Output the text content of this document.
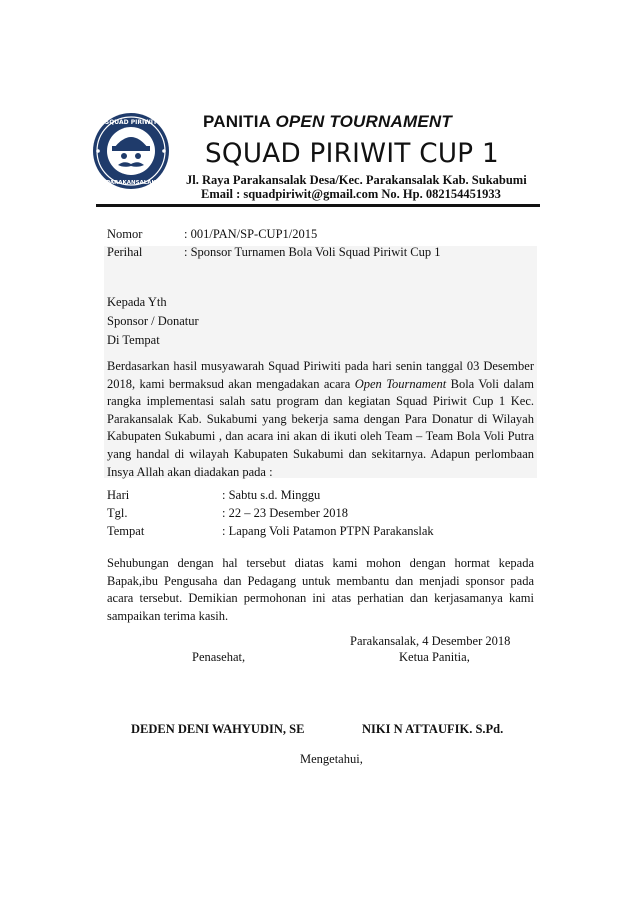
SQUAD PIRIWIT
PARAKANSALAK
PANITIA OPEN TOURNAMENT
SQUAD PIRIWIT CUP 1
Jl. Raya Parakansalak Desa/Kec. Parakansalak Kab. Sukabumi
Email : squadpiriwit@gmail.com No. Hp. 082154451933
Nomor	: 001/PAN/SP-CUP1/2015
Perihal	: Sponsor Turnamen Bola Voli Squad Piriwit Cup 1
Kepada Yth
Sponsor / Donatur
Di Tempat
Berdasarkan hasil musyawarah Squad Piriwiti pada hari senin tanggal 03 Desember 2018, kami bermaksud akan mengadakan acara Open Tournament Bola Voli dalam rangka implementasi salah satu program dan kegiatan Squad Piriwit Cup 1 Kec. Parakansalak Kab. Sukabumi yang bekerja sama dengan Para Donatur di Wilayah Kabupaten Sukabumi , dan acara ini akan di ikuti oleh Team – Team Bola Voli Putra yang handal di wilayah Kabupaten Sukabumi dan sekitarnya. Adapun perlombaan Insya Allah akan diadakan pada :
Hari	: Sabtu s.d. Minggu
Tgl.	: 22 – 23 Desember 2018
Tempat	: Lapang Voli Patamon PTPN Parakanslak
Sehubungan dengan hal tersebut diatas kami mohon dengan hormat kepada Bapak,ibu Pengusaha dan Pedagang untuk membantu dan menjadi sponsor pada acara tersebut. Demikian permohonan ini atas perhatian dan kerjasamanya kami sampaikan terima kasih.
Parakansalak, 4 Desember 2018
Penasehat,	Ketua Panitia,
DEDEN DENI WAHYUDIN, SE	NIKI N ATTAUFIK. S.Pd.
Mengetahui,
